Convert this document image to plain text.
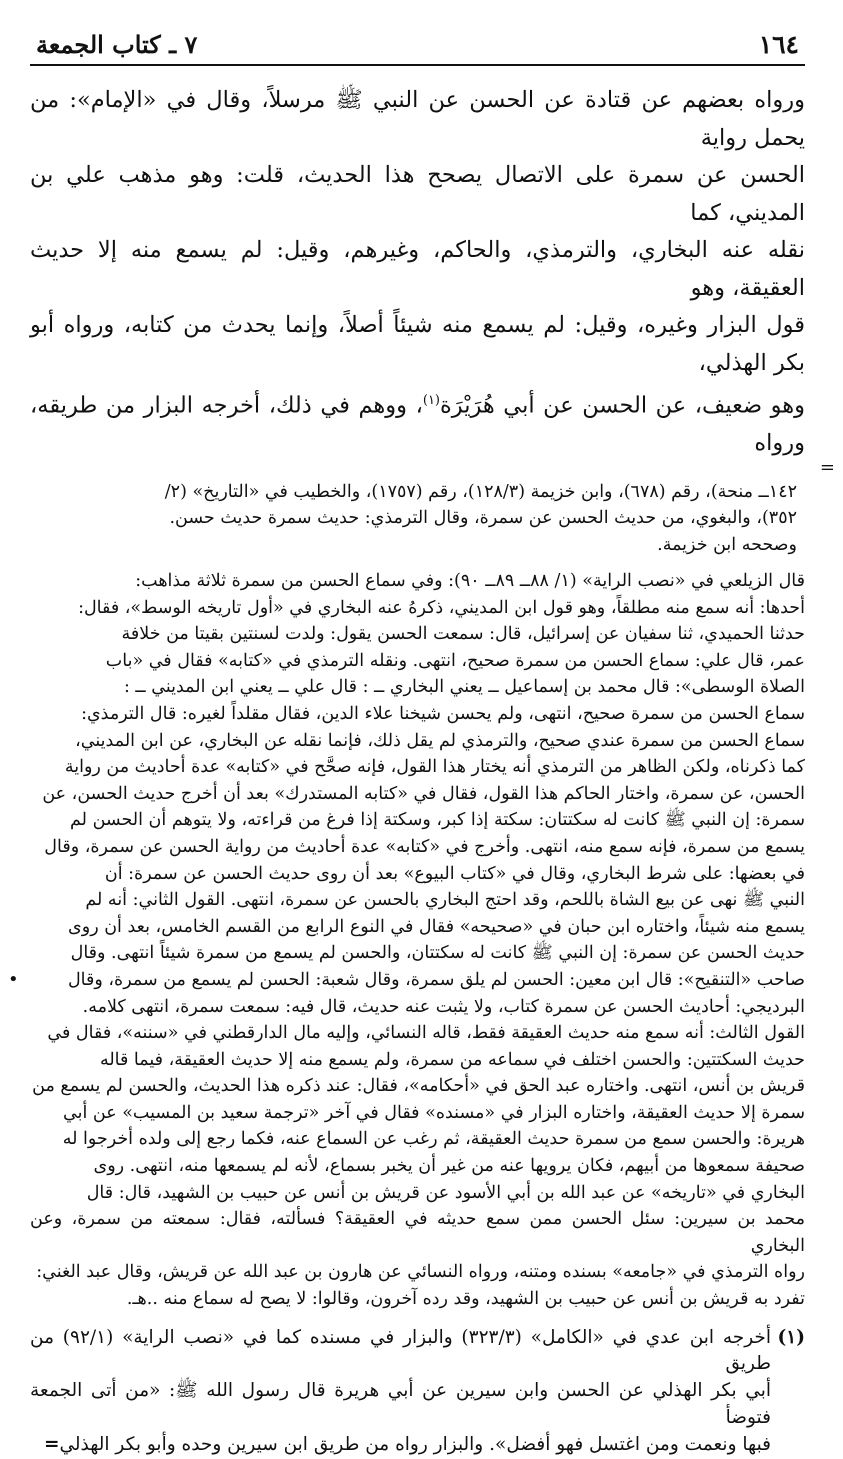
١٦٤
٧ ـ كتاب الجمعة

ورواه بعضهم عن قتادة عن الحسن عن النبي ﷺ مرسلاً، وقال في «الإمام»: من يحمل رواية

الحسن عن سمرة على الاتصال يصحح هذا الحديث، قلت: وهو مذهب علي بن المديني، كما

نقله عنه البخاري، والترمذي، والحاكم، وغيرهم، وقيل: لم يسمع منه إلا حديث العقيقة، وهو

قول البزار وغيره، وقيل: لم يسمع منه شيئاً أصلاً، وإنما يحدث من كتابه، ورواه أبو بكر الهذلي،

وهو ضعيف، عن الحسن عن أبي هُرَيْرَة$^{(١)}$، ووهم في ذلك، أخرجه البزار من طريقه، ورواه

=

١٤٢ــ منحة)، رقم (٦٧٨)، وابن خزيمة (١٢٨/٣)، رقم (١٧٥٧)، والخطيب في «التاريخ» (٢/

٣٥٢)، والبغوي، من حديث الحسن عن سمرة، وقال الترمذي: حديث سمرة حديث حسن.

وصححه ابن خزيمة.

قال الزيلعي في «نصب الراية» (١/ ٨٨ــ ٨٩ــ ٩٠): وفي سماع الحسن من سمرة ثلاثة مذاهب:

أحدها: أنه سمع منه مطلقاً، وهو قول ابن المديني، ذكرهُ عنه البخاري في «أول تاريخه الوسط»، فقال:

حدثنا الحميدي، ثنا سفيان عن إسرائيل، قال: سمعت الحسن يقول: ولدت لسنتين بقيتا من خلافة

عمر، قال علي: سماع الحسن من سمرة صحيح، انتهى. ونقله الترمذي في «كتابه» فقال في «باب

الصلاة الوسطى»: قال محمد بن إسماعيل ــ يعني البخاري ــ : قال علي ــ يعني ابن المديني ــ :

سماع الحسن من سمرة صحيح، انتهى، ولم يحسن شيخنا علاء الدين، فقال مقلداً لغيره: قال الترمذي:

سماع الحسن من سمرة عندي صحيح، والترمذي لم يقل ذلك، فإنما نقله عن البخاري، عن ابن المديني،

كما ذكرناه، ولكن الظاهر من الترمذي أنه يختار هذا القول، فإنه صحَّح في «كتابه» عدة أحاديث من رواية

الحسن، عن سمرة، واختار الحاكم هذا القول، فقال في «كتابه المستدرك» بعد أن أخرج حديث الحسن، عن

سمرة: إن النبي ﷺ كانت له سكتتان: سكتة إذا كبر، وسكتة إذا فرغ من قراءته، ولا يتوهم أن الحسن لم

يسمع من سمرة، فإنه سمع منه، انتهى. وأخرج في «كتابه» عدة أحاديث من رواية الحسن عن سمرة، وقال

في بعضها: على شرط البخاري، وقال في «كتاب البيوع» بعد أن روى حديث الحسن عن سمرة: أن

النبي ﷺ نهى عن بيع الشاة باللحم، وقد احتج البخاري بالحسن عن سمرة، انتهى. القول الثاني: أنه لم

يسمع منه شيئاً، واختاره ابن حبان في «صحيحه» فقال في النوع الرابع من القسم الخامس، بعد أن روى

حديث الحسن عن سمرة: إن النبي ﷺ كانت له سكتتان، والحسن لم يسمع من سمرة شيئاً انتهى. وقال

صاحب «التنقيح»: قال ابن معين: الحسن لم يلق سمرة، وقال شعبة: الحسن لم يسمع من سمرة، وقال
•

البرديجي: أحاديث الحسن عن سمرة كتاب، ولا يثبت عنه حديث، قال فيه: سمعت سمرة، انتهى كلامه.

القول الثالث: أنه سمع منه حديث العقيقة فقط، قاله النسائي، وإليه مال الدارقطني في «سننه»، فقال في

حديث السكتتين: والحسن اختلف في سماعه من سمرة، ولم يسمع منه إلا حديث العقيقة، فيما قاله

قريش بن أنس، انتهى. واختاره عبد الحق في «أحكامه»، فقال: عند ذكره هذا الحديث، والحسن لم يسمع من

سمرة إلا حديث العقيقة، واختاره البزار في «مسنده» فقال في آخر «ترجمة سعيد بن المسيب» عن أبي

هريرة: والحسن سمع من سمرة حديث العقيقة، ثم رغب عن السماع عنه، فكما رجع إلى ولده أخرجوا له

صحيفة سمعوها من أبيهم، فكان يرويها عنه من غير أن يخبر بسماع، لأنه لم يسمعها منه، انتهى. روى

البخاري في «تاريخه» عن عبد الله بن أبي الأسود عن قريش بن أنس عن حبيب بن الشهيد، قال: قال

محمد بن سيرين: سئل الحسن ممن سمع حديثه في العقيقة؟ فسألته، فقال: سمعته من سمرة، وعن البخاري

رواه الترمذي في «جامعه» بسنده ومتنه، ورواه النسائي عن هارون بن عبد الله عن قريش، وقال عبد الغني:

تفرد به قريش بن أنس عن حبيب بن الشهيد، وقد رده آخرون، وقالوا: لا يصح له سماع منه ..هـ.

(١)

أخرجه ابن عدي في «الكامل» (٣٢٣/٣) والبزار في مسنده كما في «نصب الراية» (٩٢/١) من طريق

أبي بكر الهذلي عن الحسن وابن سيرين عن أبي هريرة قال رسول الله ﷺ: «من أتى الجمعة فتوضأ

فبها ونعمت ومن اغتسل فهو أفضل». والبزار رواه من طريق ابن سيرين وحده وأبو بكر الهذلي=
